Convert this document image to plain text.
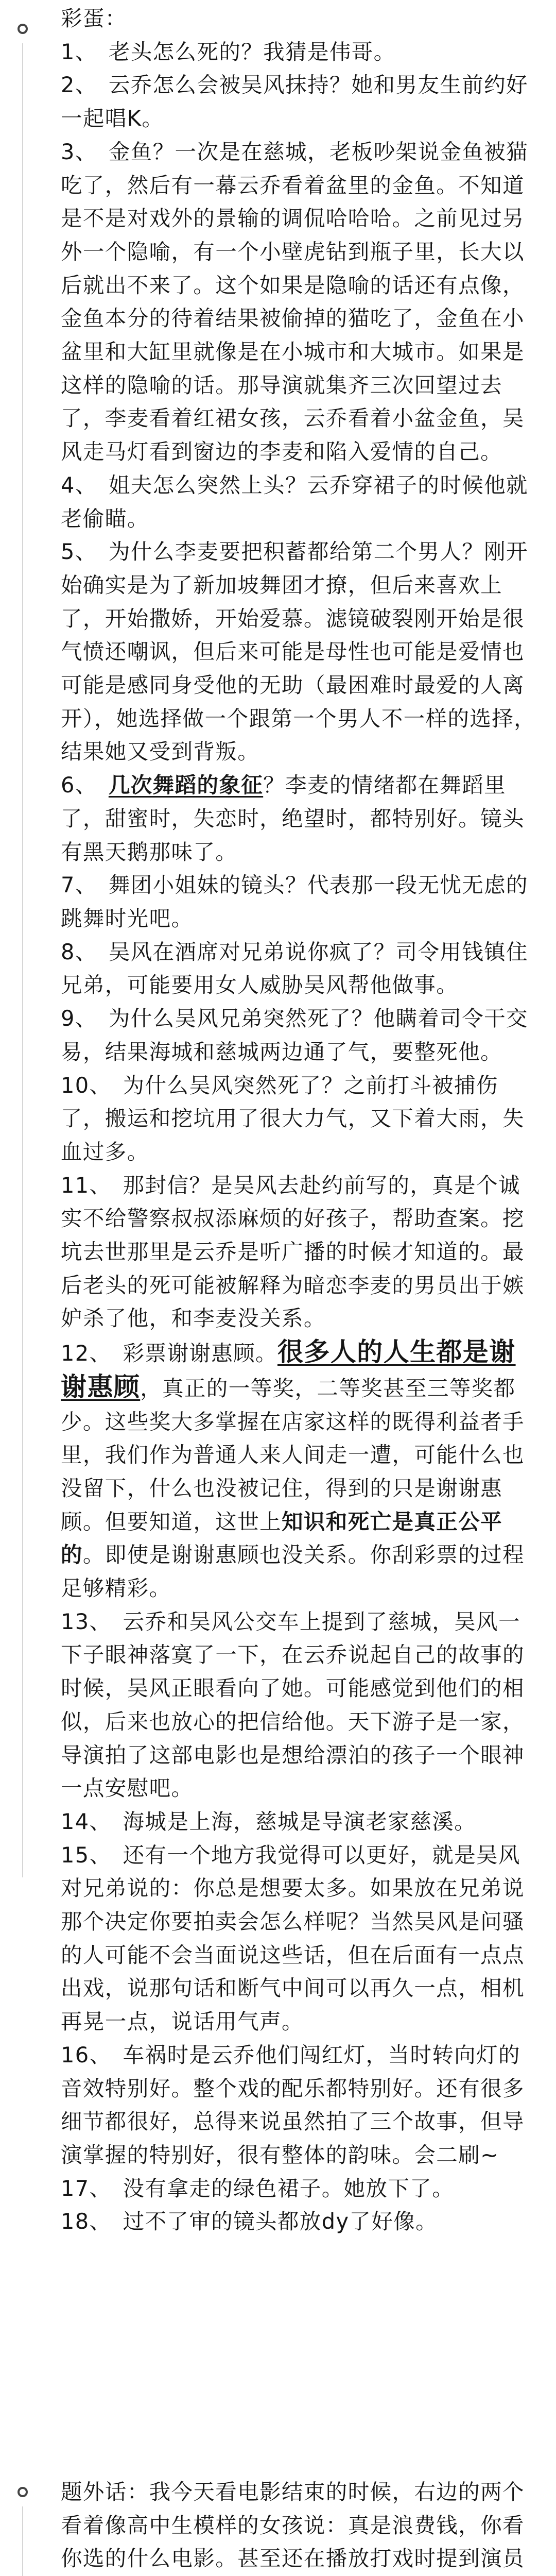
彩蛋：

1、　老头怎么死的？我猜是伟哥。

2、　云乔怎么会被吴风抹持？她和男友生前约好一起唱K。

3、　金鱼？一次是在慈城，老板吵架说金鱼被猫吃了，然后有一幕云乔看着盆里的金鱼。不知道是不是对戏外的景输的调侃哈哈哈。之前见过另外一个隐喻，有一个小壁虎钻到瓶子里，长大以后就出不来了。这个如果是隐喻的话还有点像，金鱼本分的待着结果被偷掉的猫吃了，金鱼在小盆里和大缸里就像是在小城市和大城市。如果是这样的隐喻的话。那导演就集齐三次回望过去了，李麦看着红裙女孩，云乔看着小盆金鱼，吴风走马灯看到窗边的李麦和陷入爱情的自己。

4、　姐夫怎么突然上头？云乔穿裙子的时候他就老偷瞄。

5、　为什么李麦要把积蓄都给第二个男人？刚开始确实是为了新加坡舞团才撩，但后来喜欢上了，开始撒娇，开始爱慕。滤镜破裂刚开始是很气愤还嘲讽，但后来可能是母性也可能是爱情也可能是感同身受他的无助（最困难时最爱的人离开），她选择做一个跟第一个男人不一样的选择，结果她又受到背叛。

6、　几次舞蹈的象征？李麦的情绪都在舞蹈里了，甜蜜时，失恋时，绝望时，都特别好。镜头有黑天鹅那味了。

7、　舞团小姐妹的镜头？代表那一段无忧无虑的跳舞时光吧。

8、　吴风在酒席对兄弟说你疯了？司令用钱镇住兄弟，可能要用女人威胁吴风帮他做事。

9、　为什么吴风兄弟突然死了？他瞒着司令干交易，结果海城和慈城两边通了气，要整死他。

10、　为什么吴风突然死了？之前打斗被捕伤了，搬运和挖坑用了很大力气，又下着大雨，失血过多。

11、　那封信？是吴风去赴约前写的，真是个诚实不给警察叔叔添麻烦的好孩子，帮助查案。挖坑去世那里是云乔是听广播的时候才知道的。最后老头的死可能被解释为暗恋李麦的男员出于嫉妒杀了他，和李麦没关系。

12、　彩票谢谢惠顾。很多人的人生都是谢谢惠顾，真正的一等奖，二等奖甚至三等奖都少。这些奖大多掌握在店家这样的既得利益者手里，我们作为普通人来人间走一遭，可能什么也没留下，什么也没被记住，得到的只是谢谢惠顾。但要知道，这世上知识和死亡是真正公平的。即使是谢谢惠顾也没关系。你刮彩票的过程足够精彩。

13、　云乔和吴风公交车上提到了慈城，吴风一下子眼神落寞了一下，在云乔说起自己的故事的时候，吴风正眼看向了她。可能感觉到他们的相似，后来也放心的把信给他。天下游子是一家，导演拍了这部电影也是想给漂泊的孩子一个眼神一点安慰吧。

14、　海城是上海，慈城是导演老家慈溪。

15、　还有一个地方我觉得可以更好，就是吴风对兄弟说的：你总是想要太多。如果放在兄弟说那个决定你要拍卖会怎么样呢？当然吴风是问骚的人可能不会当面说这些话，但在后面有一点点出戏，说那句话和断气中间可以再久一点，相机再晃一点，说话用气声。

16、　车祸时是云乔他们闯红灯，当时转向灯的音效特别好。整个戏的配乐都特别好。还有很多细节都很好，总得来说虽然拍了三个故事，但导演掌握的特别好，很有整体的韵味。会二刷~

17、　没有拿走的绿色裙子。她放下了。

18、　过不了审的镜头都放dy了好像。

题外话：我今天看电影结束的时候，右边的两个看着像高中生模样的女孩说：真是浪费钱，你看你选的什么电影。甚至还在播放打戏时提到演员
